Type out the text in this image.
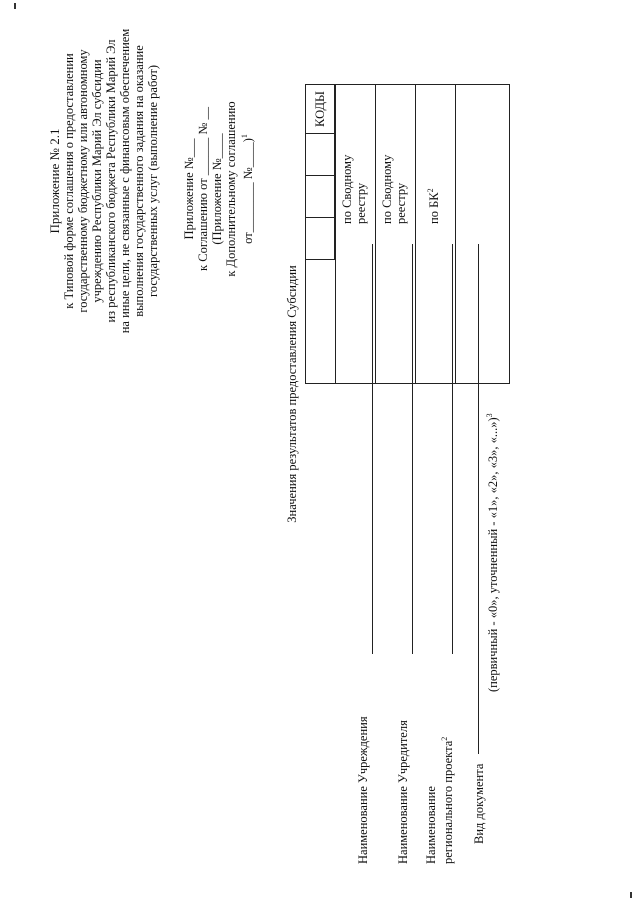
Приложение № 2.1 к Типовой форме соглашения о предоставлении государственному бюджетному или автономному учреждению Республики Марий Эл субсидии из республиканского бюджета Республики Марий Эл на иные цели, не связанные с финансовым обеспечением выполнения государственного задания на оказание государственных услуг (выполнение работ) Приложение №___ к Соглашению от ______ № __ (Приложение №____ к Дополнительному соглашению от________ №____)$^1$
Значения результатов предоставления Субсидии
КОДЫ
по Сводному реестру по Сводному реестру по $БК^2$
Наименование Учреждения Наименование Учредителя Наименование регионального проекта$^2$
Вид документа
(первичный - «0», уточненный - «1», «2», «3», «...»)$^3$
